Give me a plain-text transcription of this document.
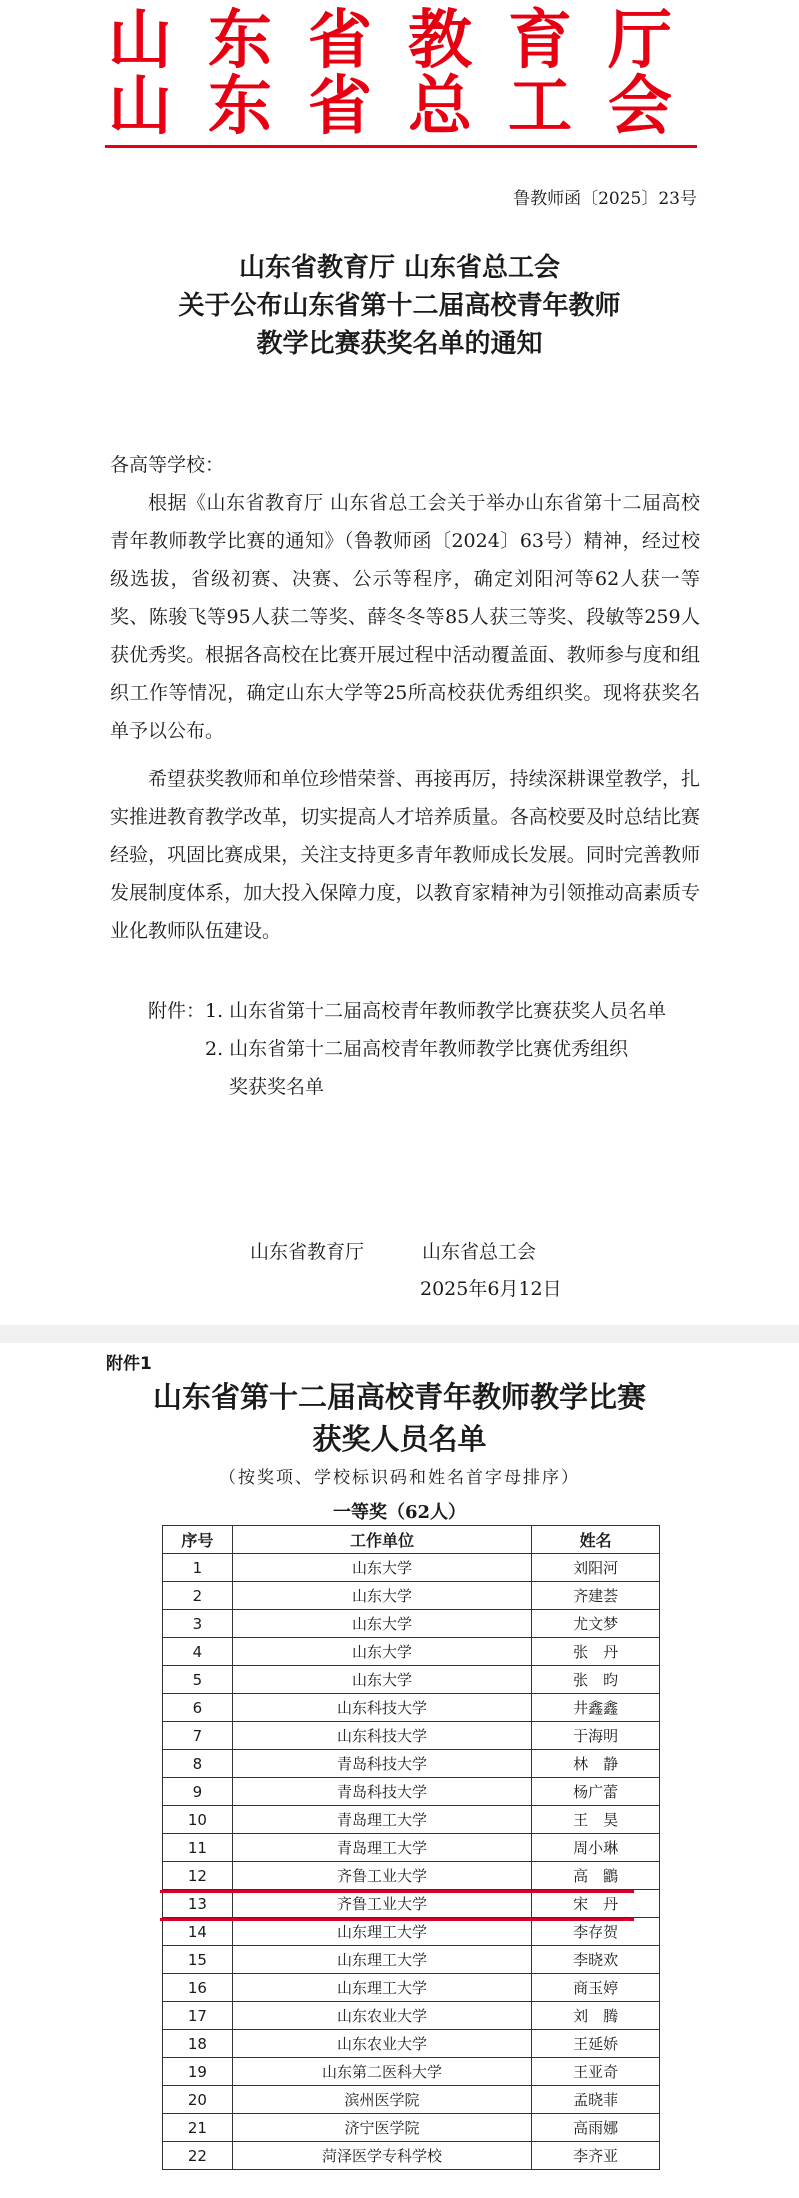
山东省教育厅
山东省总工会
鲁教师函〔2025〕23号
山东省教育厅 山东省总工会
关于公布山东省第十二届高校青年教师
教学比赛获奖名单的通知
各高等学校：

根据《山东省教育厅 山东省总工会关于举办山东省第十二届高校青年教师教学比赛的通知》（鲁教师函〔2024〕63号）精神，经过校级选拔，省级初赛、决赛、公示等程序，确定刘阳河等62人获一等奖、陈骏飞等95人获二等奖、薛冬冬等85人获三等奖、段敏等259人获优秀奖。根据各高校在比赛开展过程中活动覆盖面、教师参与度和组织工作等情况，确定山东大学等25所高校获优秀组织奖。现将获奖名单予以公布。

希望获奖教师和单位珍惜荣誉、再接再厉，持续深耕课堂教学，扎实推进教育教学改革，切实提高人才培养质量。各高校要及时总结比赛经验，巩固比赛成果，关注支持更多青年教师成长发展。同时完善教师发展制度体系，加大投入保障力度，以教育家精神为引领推动高素质专业化教师队伍建设。

附件： 1. 山东省第十二届高校青年教师教学比赛获奖人员名单
2. 山东省第十二届高校青年教师教学比赛优秀组织
奖获奖名单
山东省教育厅	山东省总工会
2025年6月12日
附件1
山东省第十二届高校青年教师教学比赛
获奖人员名单
（按奖项、学校标识码和姓名首字母排序）
一等奖（62人）
序号	工作单位	姓名
1	山东大学	刘阳河
2	山东大学	齐建荟
3	山东大学	尤文梦
4	山东大学	张　丹
5	山东大学	张　昀
6	山东科技大学	井鑫鑫
7	山东科技大学	于海明
8	青岛科技大学	林　静
9	青岛科技大学	杨广蕾
10	青岛理工大学	王　昊
11	青岛理工大学	周小琳
12	齐鲁工业大学	高　鶹
13	齐鲁工业大学	宋　丹
14	山东理工大学	李存贺
15	山东理工大学	李晓欢
16	山东理工大学	商玉婷
17	山东农业大学	刘　腾
18	山东农业大学	王延娇
19	山东第二医科大学	王亚奇
20	滨州医学院	孟晓菲
21	济宁医学院	高雨娜
22	菏泽医学专科学校	李齐亚
